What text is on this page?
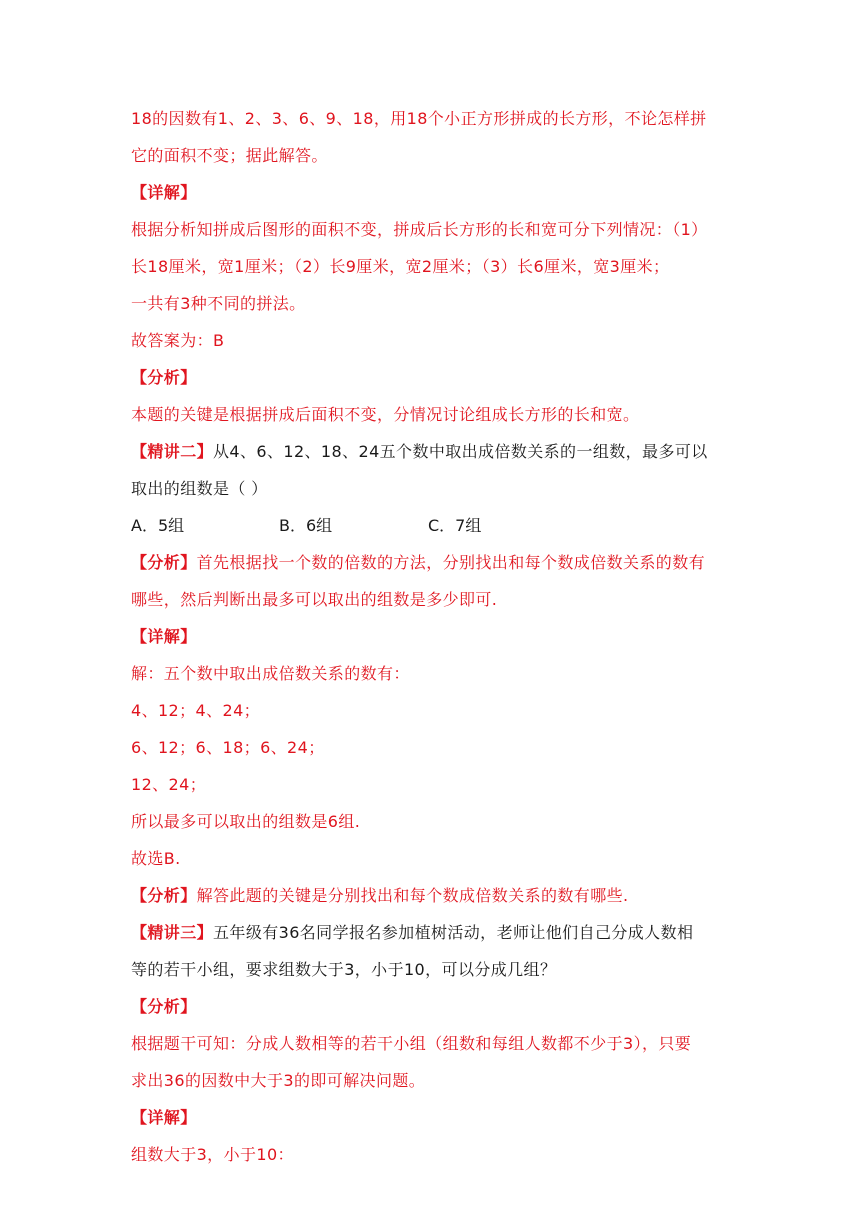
18的因数有1、2、3、6、9、18，用18个小正方形拼成的长方形，不论怎样拼
它的面积不变；据此解答。
【详解】
根据分析知拼成后图形的面积不变，拼成后长方形的长和宽可分下列情况：（1）
长18厘米，宽1厘米；（2）长9厘米，宽2厘米；（3）长6厘米，宽3厘米；
一共有3种不同的拼法。
故答案为：B
【分析】
本题的关键是根据拼成后面积不变，分情况讨论组成长方形的长和宽。
【精讲二】从4、6、12、18、24五个数中取出成倍数关系的一组数，最多可以
取出的组数是（ ）
A．5组	B．6组	C．7组
【分析】首先根据找一个数的倍数的方法，分别找出和每个数成倍数关系的数有
哪些，然后判断出最多可以取出的组数是多少即可.
【详解】
解：五个数中取出成倍数关系的数有：
4、12；4、24；
6、12；6、18；6、24；
12、24；
所以最多可以取出的组数是6组.
故选B.
【分析】解答此题的关键是分别找出和每个数成倍数关系的数有哪些.
【精讲三】五年级有36名同学报名参加植树活动，老师让他们自己分成人数相
等的若干小组，要求组数大于3，小于10，可以分成几组？
【分析】
根据题干可知：分成人数相等的若干小组（组数和每组人数都不少于3），只要
求出36的因数中大于3的即可解决问题。
【详解】
组数大于3，小于10：
